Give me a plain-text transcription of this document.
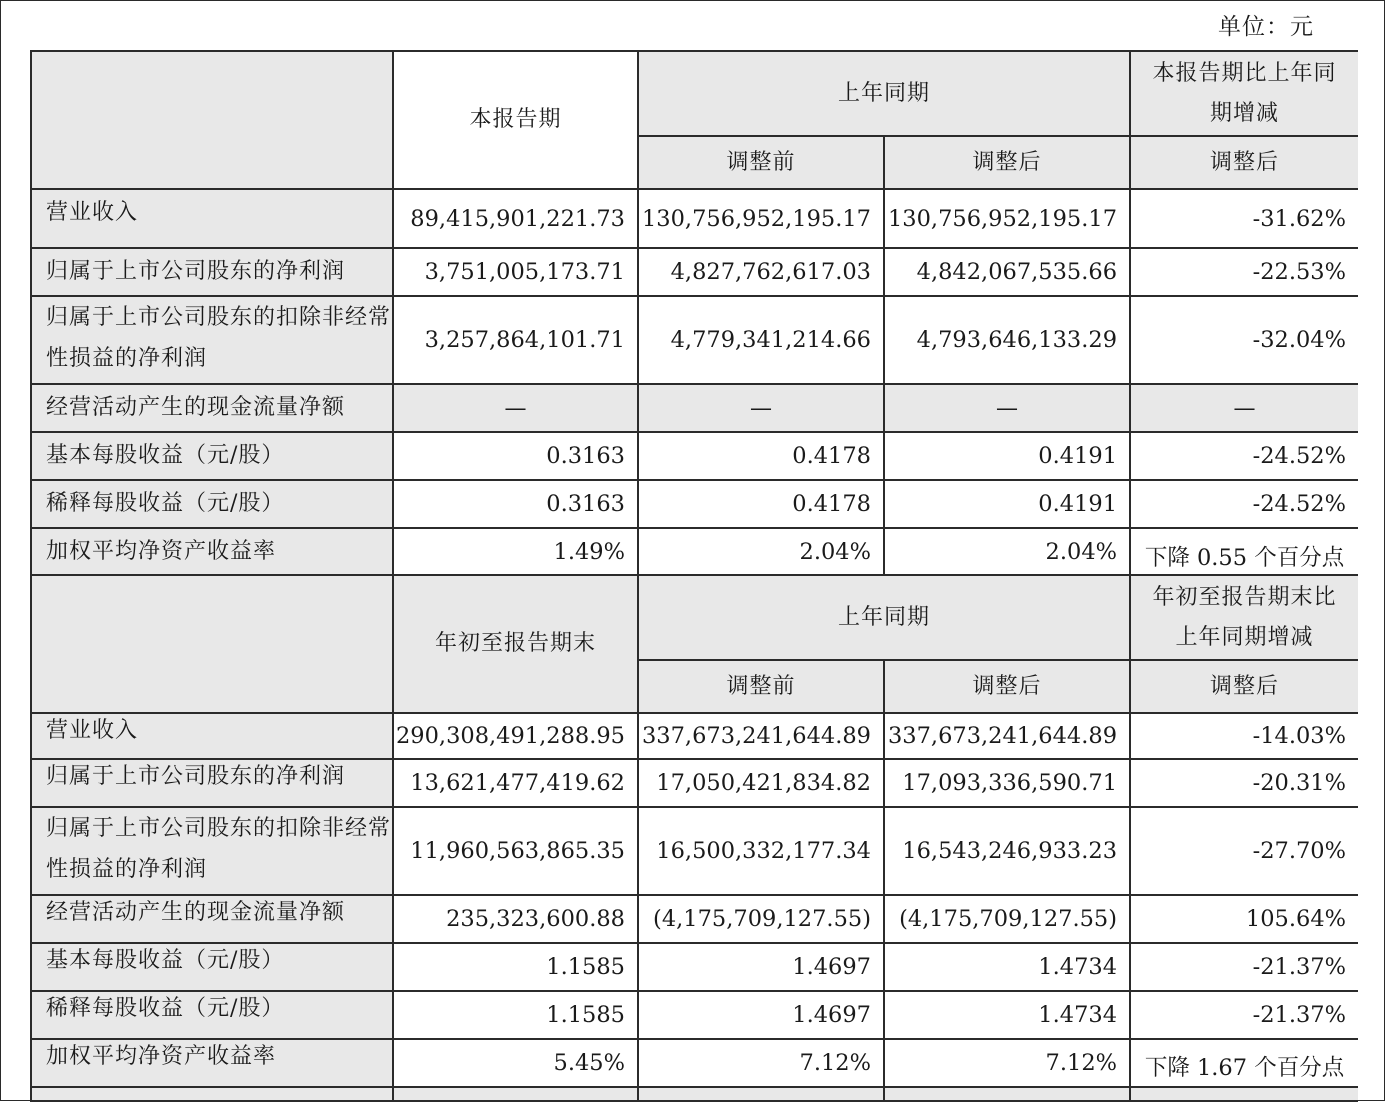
单位：元
	本报告期	上年同期		本报告期比上年同期增减
		调整前	调整后	调整后
营业收入	89,415,901,221.73	130,756,952,195.17	130,756,952,195.17	-31.62%
归属于上市公司股东的净利润	3,751,005,173.71	4,827,762,617.03	4,842,067,535.66	-22.53%
归属于上市公司股东的扣除非经常性损益的净利润	3,257,864,101.71	4,779,341,214.66	4,793,646,133.29	-32.04%
经营活动产生的现金流量净额	—	—	—	—
基本每股收益（元/股）	0.3163	0.4178	0.4191	-24.52%
稀释每股收益（元/股）	0.3163	0.4178	0.4191	-24.52%
加权平均净资产收益率	1.49%	2.04%	2.04%	下降 0.55 个百分点
	年初至报告期末	上年同期		年初至报告期末比上年同期增减
		调整前	调整后	调整后
营业收入	290,308,491,288.95	337,673,241,644.89	337,673,241,644.89	-14.03%
归属于上市公司股东的净利润	13,621,477,419.62	17,050,421,834.82	17,093,336,590.71	-20.31%
归属于上市公司股东的扣除非经常性损益的净利润	11,960,563,865.35	16,500,332,177.34	16,543,246,933.23	-27.70%
经营活动产生的现金流量净额	235,323,600.88	(4,175,709,127.55)	(4,175,709,127.55)	105.64%
基本每股收益（元/股）	1.1585	1.4697	1.4734	-21.37%
稀释每股收益（元/股）	1.1585	1.4697	1.4734	-21.37%
加权平均净资产收益率	5.45%	7.12%	7.12%	下降 1.67 个百分点
